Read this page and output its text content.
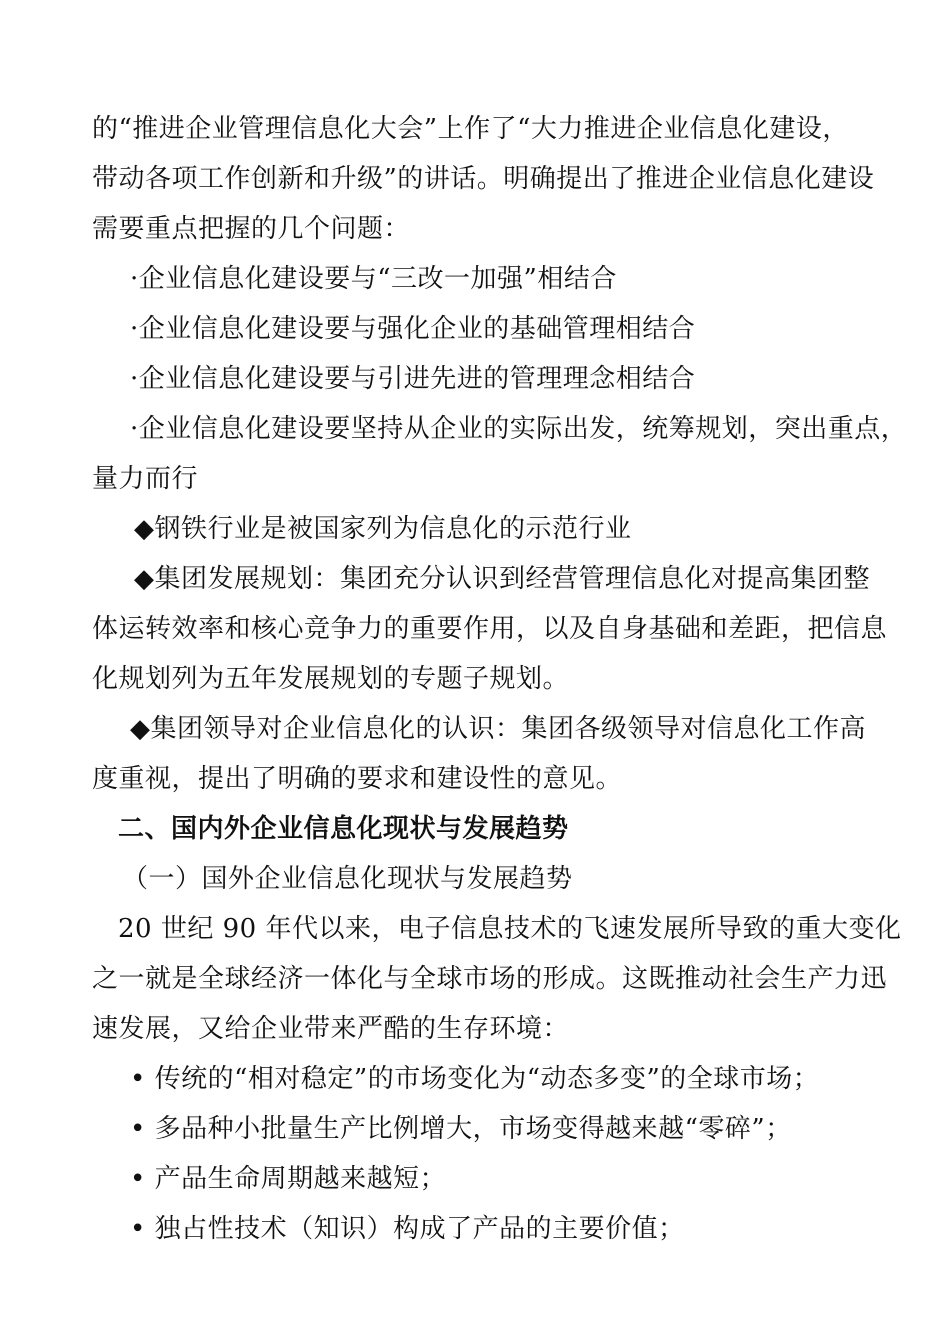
的“推进企业管理信息化大会”上作了“大力推进企业信息化建设，
带动各项工作创新和升级”的讲话。明确提出了推进企业信息化建设
需要重点把握的几个问题：
·企业信息化建设要与“三改一加强”相结合
·企业信息化建设要与强化企业的基础管理相结合
·企业信息化建设要与引进先进的管理理念相结合
·企业信息化建设要坚持从企业的实际出发，统筹规划，突出重点，
量力而行
◆钢铁行业是被国家列为信息化的示范行业
◆集团发展规划：集团充分认识到经营管理信息化对提高集团整
体运转效率和核心竞争力的重要作用，以及自身基础和差距，把信息
化规划列为五年发展规划的专题子规划。
◆集团领导对企业信息化的认识：集团各级领导对信息化工作高
度重视，提出了明确的要求和建设性的意见。
二、国内外企业信息化现状与发展趋势
（一）国外企业信息化现状与发展趋势
20 世纪 90 年代以来，电子信息技术的飞速发展所导致的重大变化
之一就是全球经济一体化与全球市场的形成。这既推动社会生产力迅
速发展，又给企业带来严酷的生存环境：
• 传统的“相对稳定”的市场变化为“动态多变”的全球市场；
• 多品种小批量生产比例增大，市场变得越来越“零碎”；
• 产品生命周期越来越短；
• 独占性技术（知识）构成了产品的主要价值；
